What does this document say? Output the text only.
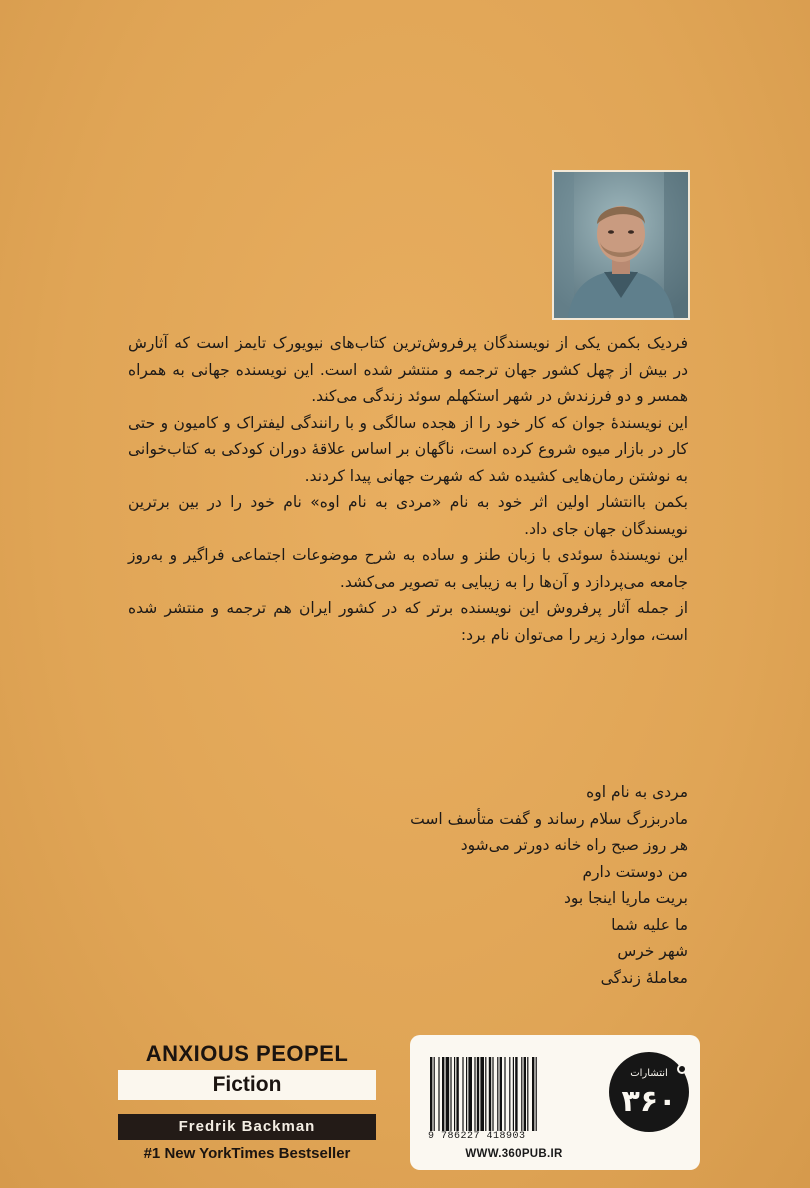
فردیک بکمن یکی از نویسندگان پرفروش‌ترین کتاب‌های نیویورک تایمز است که آثارش در بیش از چهل کشور جهان ترجمه و منتشر شده است. این نویسنده جهانی به همراه همسر و دو فرزندش در شهر استکهلم سوئد زندگی می‌کند.

این نویسندهٔ جوان که کار خود را از هجده سالگی و با رانندگی لیفتراک و کامیون و حتی کار در بازار میوه شروع کرده است، ناگهان بر اساس علاقهٔ دوران کودکی به کتاب‌خوانی به نوشتن رمان‌هایی کشیده شد که شهرت جهانی پیدا کردند.

بکمن باانتشار اولین اثر خود به نام «مردی به نام اوه» نام خود را در بین برترین نویسندگان جهان جای داد.

این نویسندهٔ سوئدی با زبان طنز و ساده به شرح موضوعات اجتماعی فراگیر و به‌روز جامعه می‌پردازد و آن‌ها را به زیبایی به تصویر می‌کشد.

از جمله آثار پرفروش این نویسنده برتر که در کشور ایران هم ترجمه و منتشر شده است، موارد زیر را می‌توان نام برد:

مردی به نام اوه
مادربزرگ سلام رساند و گفت متأسف است
هر روز صبح راه خانه دورتر می‌شود
من دوستت دارم
بریت ماریا اینجا بود
ما علیه شما
شهر خرس
معاملهٔ زندگی
ANXIOUS PEOPEL
Fiction
Fredrik Backman
#1 New YorkTimes Bestseller
9 786227 418903
WWW.360PUB.IR
انتشارات
۳۶۰
